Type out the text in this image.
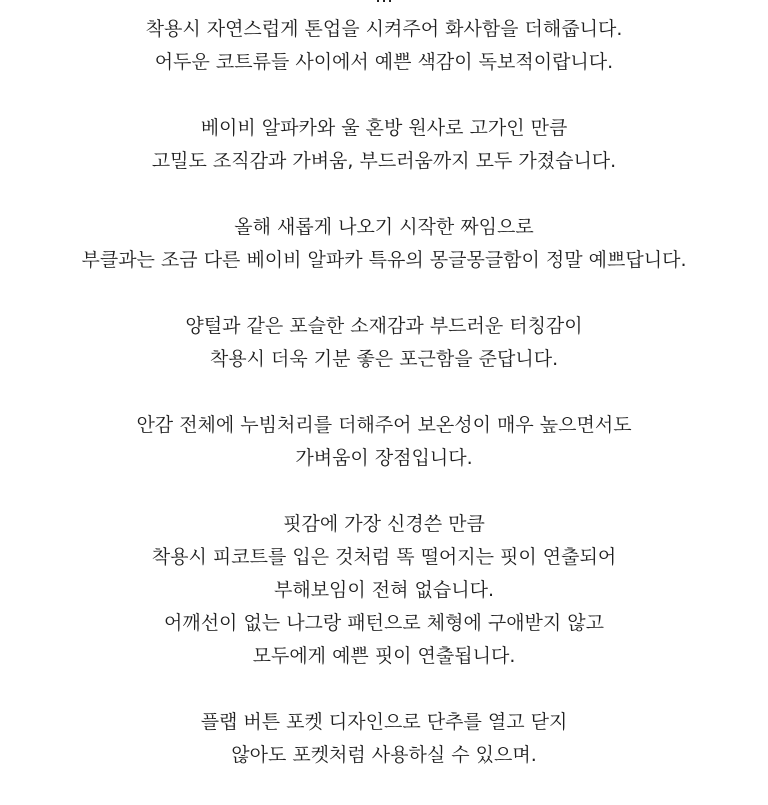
착용시 자연스럽게 톤업을 시켜주어 화사함을 더해줍니다.
어두운 코트류들 사이에서 예쁜 색감이 독보적이랍니다.
베이비 알파카와 울 혼방 원사로 고가인 만큼
고밀도 조직감과 가벼움, 부드러움까지 모두 가졌습니다.
올해 새롭게 나오기 시작한 짜임으로
부클과는 조금 다른 베이비 알파카 특유의 몽글몽글함이 정말 예쁘답니다.
양털과 같은 포슬한 소재감과 부드러운 터칭감이
착용시 더욱 기분 좋은 포근함을 준답니다.
안감 전체에 누빔처리를 더해주어 보온성이 매우 높으면서도
가벼움이 장점입니다.
핏감에 가장 신경쓴 만큼
착용시 피코트를 입은 것처럼 똑 떨어지는 핏이 연출되어
부해보임이 전혀 없습니다.
어깨선이 없는 나그랑 패턴으로 체형에 구애받지 않고
모두에게 예쁜 핏이 연출됩니다.
플랩 버튼 포켓 디자인으로 단추를 열고 닫지
않아도 포켓처럼 사용하실 수 있으며.
